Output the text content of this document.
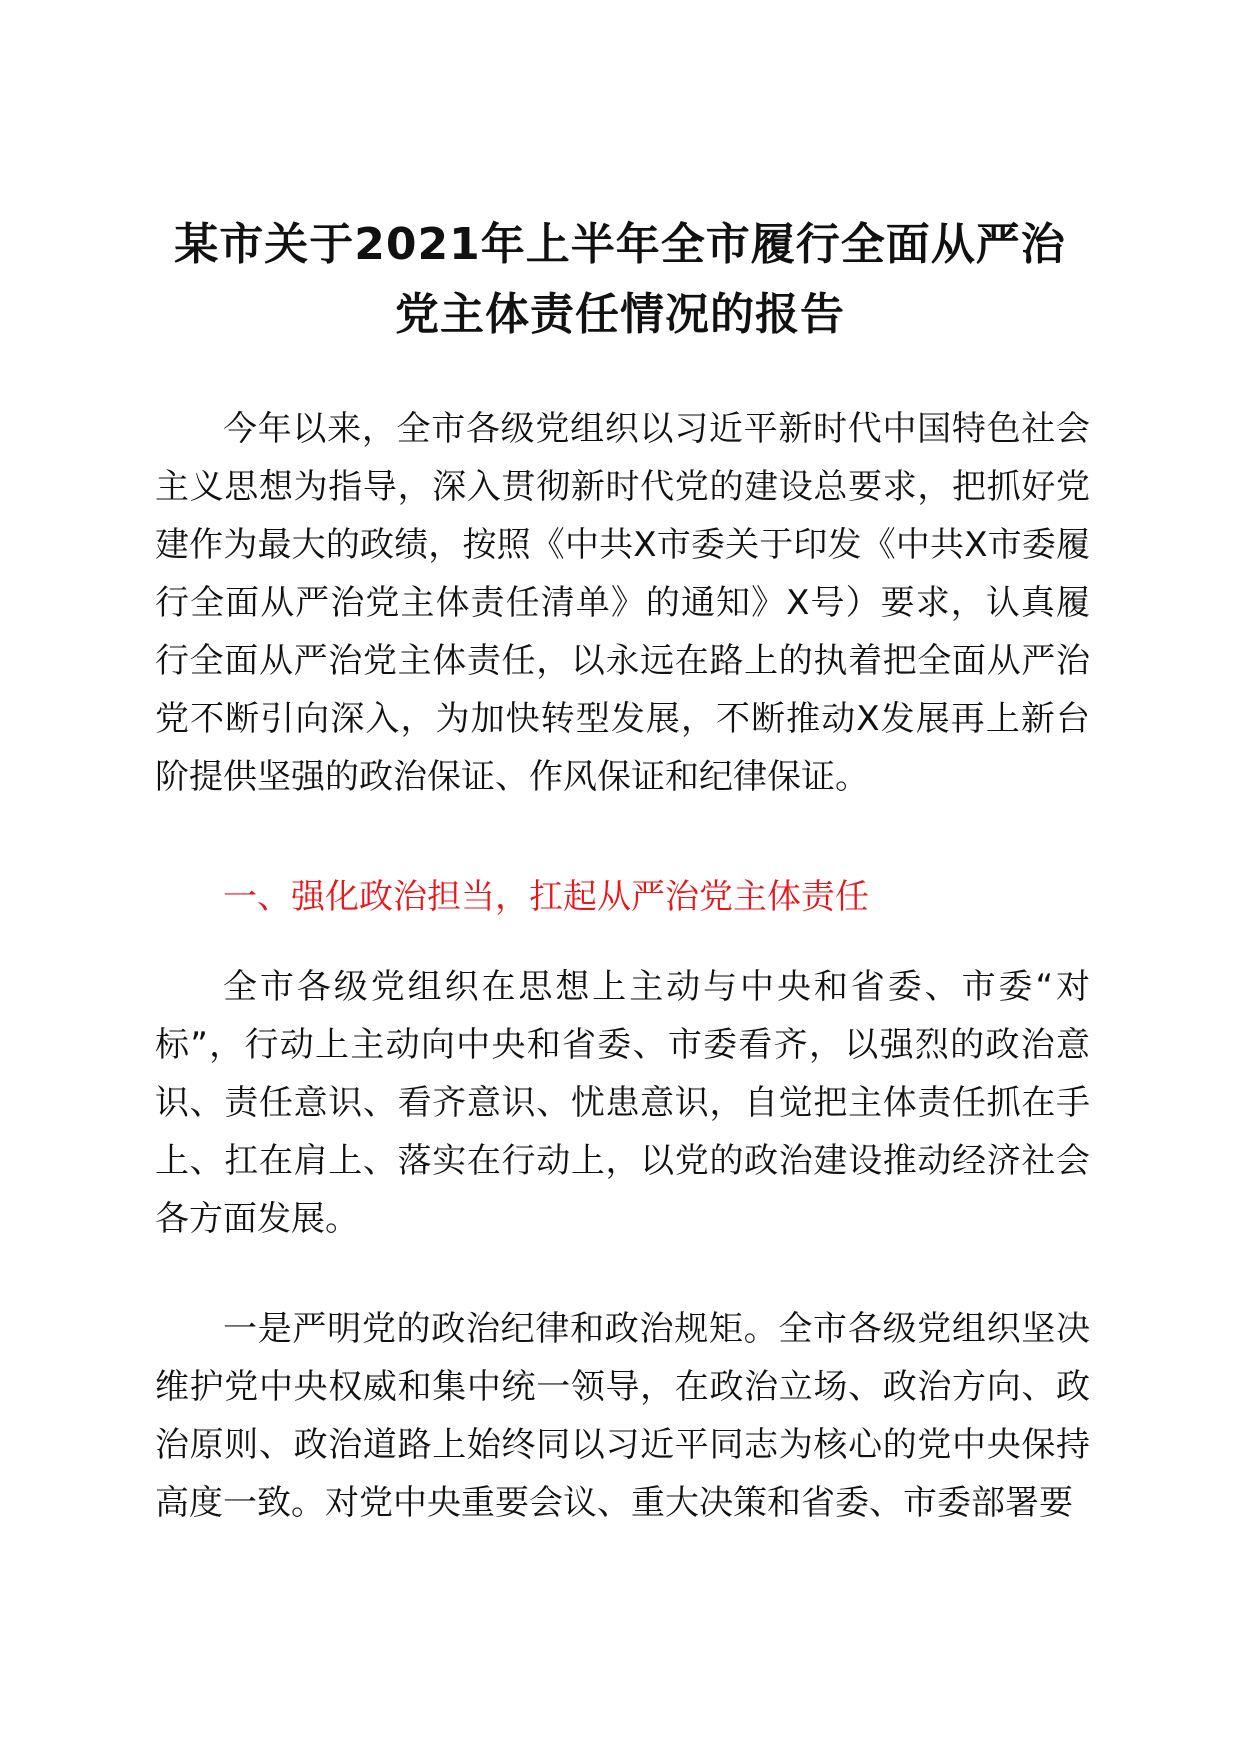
某市关于2021年上半年全市履行全面从严治
党主体责任情况的报告

今年以来，全市各级党组织以习近平新时代中国特色社会主义思想为指导，深入贯彻新时代党的建设总要求，把抓好党建作为最大的政绩，按照《中共X市委关于印发《中共X市委履行全面从严治党主体责任清单》的通知》X号）要求，认真履行全面从严治党主体责任，以永远在路上的执着把全面从严治党不断引向深入，为加快转型发展，不断推动X发展再上新台阶提供坚强的政治保证、作风保证和纪律保证。

一、强化政治担当，扛起从严治党主体责任

全市各级党组织在思想上主动与中央和省委、市委“对标”，行动上主动向中央和省委、市委看齐，以强烈的政治意识、责任意识、看齐意识、忧患意识，自觉把主体责任抓在手上、扛在肩上、落实在行动上，以党的政治建设推动经济社会各方面发展。

一是严明党的政治纪律和政治规矩。全市各级党组织坚决维护党中央权威和集中统一领导，在政治立场、政治方向、政治原则、政治道路上始终同以习近平同志为核心的党中央保持高度一致。对党中央重要会议、重大决策和省委、市委部署要
